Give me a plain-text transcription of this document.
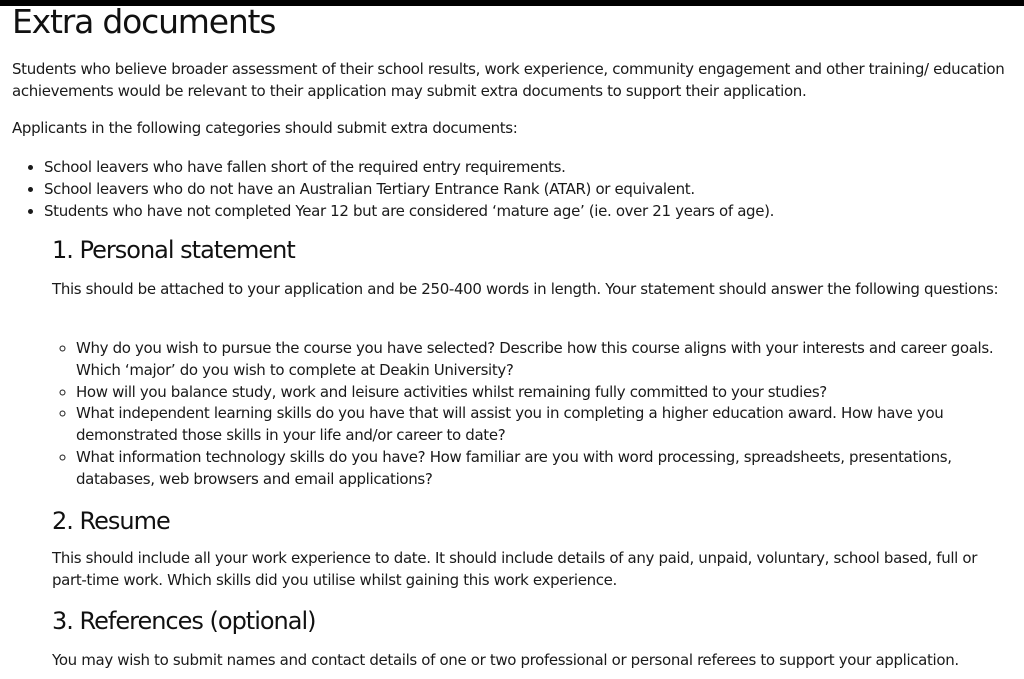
Extra documents

Students who believe broader assessment of their school results, work experience, community engagement and other training/ education achievements would be relevant to their application may submit extra documents to support their application.

Applicants in the following categories should submit extra documents:

• School leavers who have fallen short of the required entry requirements.
• School leavers who do not have an Australian Tertiary Entrance Rank (ATAR) or equivalent.
• Students who have not completed Year 12 but are considered ‘mature age’ (ie. over 21 years of age).
1. Personal statement

This should be attached to your application and be 250-400 words in length. Your statement should answer the following questions:

◦ Why do you wish to pursue the course you have selected? Describe how this course aligns with your interests and career goals. Which ‘major’ do you wish to complete at Deakin University?
◦ How will you balance study, work and leisure activities whilst remaining fully committed to your studies?
◦ What independent learning skills do you have that will assist you in completing a higher education award. How have you demonstrated those skills in your life and/or career to date?
◦ What information technology skills do you have? How familiar are you with word processing, spreadsheets, presentations, databases, web browsers and email applications?
2. Resume

This should include all your work experience to date. It should include details of any paid, unpaid, voluntary, school based, full or part-time work. Which skills did you utilise whilst gaining this work experience.

3. References (optional)

You may wish to submit names and contact details of one or two professional or personal referees to support your application.
